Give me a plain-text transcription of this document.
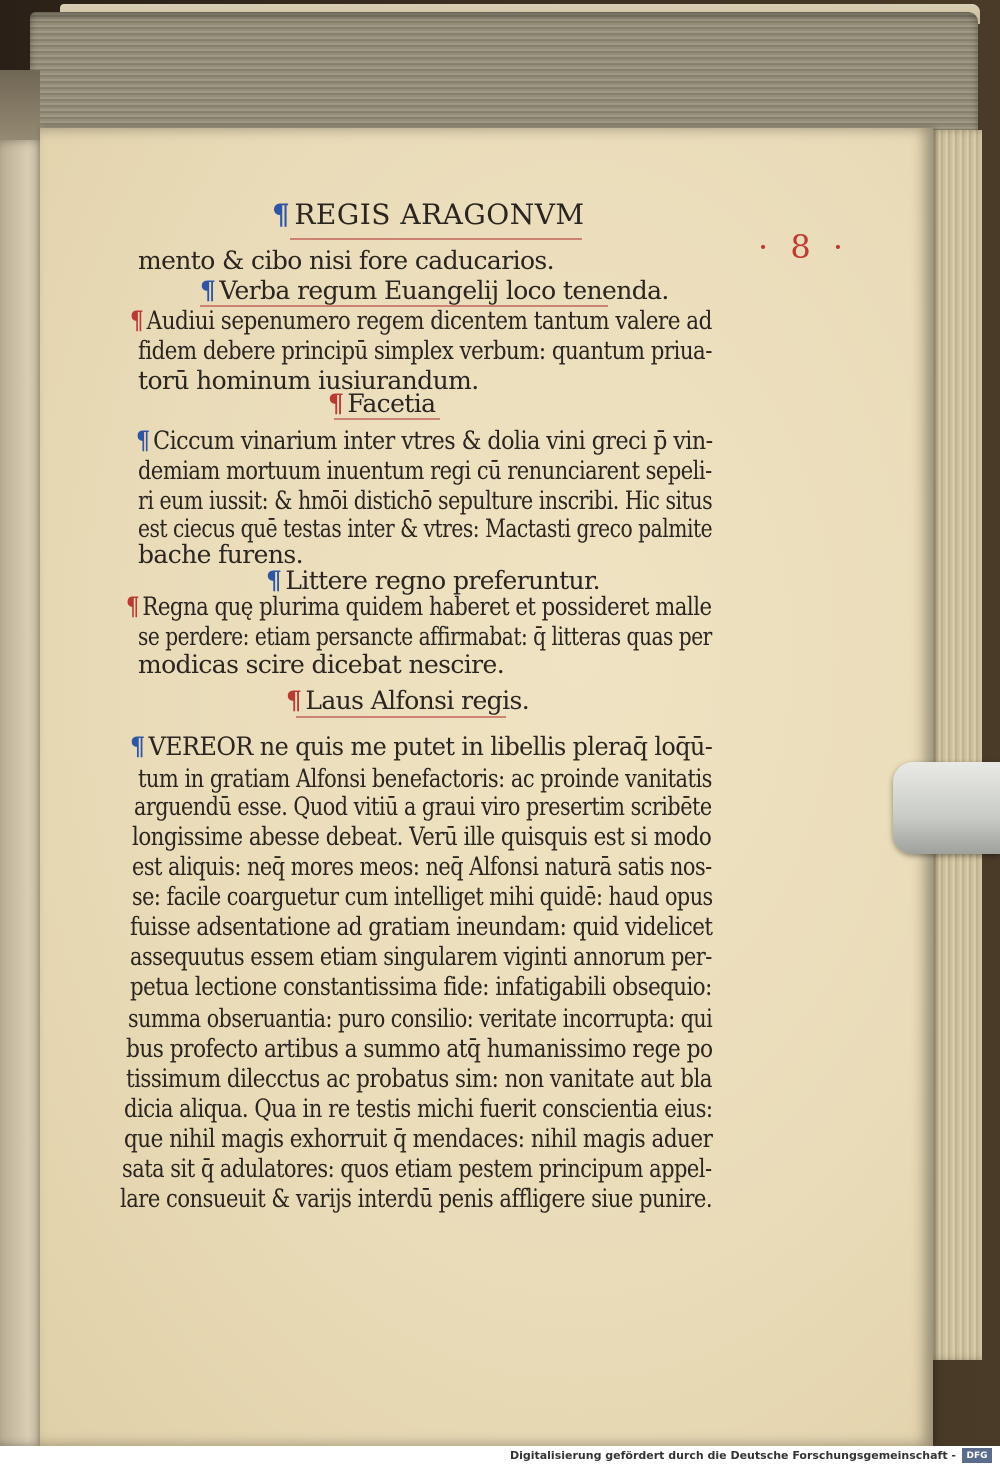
¶ REGIS ARAGONVM
· 8 ·
mento & cibo nisi fore caducarios.
¶ Verba regum Euangelij loco tenenda.
¶ Audiui sepenumero regem dicentem tantum valere ad
fidem debere principū simplex verbum: quantum priua-
torū hominum iusiurandum.
¶ Facetia
¶ Ciccum vinarium inter vtres & dolia vini greci p̄ vin-
demiam mortuum inuentum regi cū renunciarent sepeli-
ri eum iussit: & hmōi distichō sepulture inscribi. Hic situs
est ciecus quē testas inter & vtres: Mactasti greco palmite
bache furens.
¶ Littere regno preferuntur.
¶ Regna quę plurima quidem haberet et possideret malle
se perdere: etiam persancte affirmabat: q̄ litteras quas per
modicas scire dicebat nescire.
¶ Laus Alfonsi regis.
¶ VEREOR ne quis me putet in libellis pleraq̄ loq̄ū-
tum in gratiam Alfonsi benefactoris: ac proinde vanitatis
arguendū esse. Quod vitiū a graui viro presertim scribēte
longissime abesse debeat. Verū ille quisquis est si modo
est aliquis: neq̄ mores meos: neq̄ Alfonsi naturā satis nos-
se: facile coarguetur cum intelliget mihi quidē: haud opus
fuisse adsentatione ad gratiam ineundam: quid videlicet
assequutus essem etiam singularem viginti annorum per-
petua lectione constantissima fide: infatigabili obsequio:
summa obseruantia: puro consilio: veritate incorrupta: qui
bus profecto artibus a summo atq̄ humanissimo rege po
tissimum dilecctus ac probatus sim: non vanitate aut bla
dicia aliqua. Qua in re testis michi fuerit conscientia eius:
que nihil magis exhorruit q̄ mendaces: nihil magis aduer
sata sit q̄ adulatores: quos etiam pestem principum appel-
lare consueuit & varijs interdū penis affligere siue punire.
Digitalisierung gefördert durch die Deutsche Forschungsgemeinschaft -	DFG
